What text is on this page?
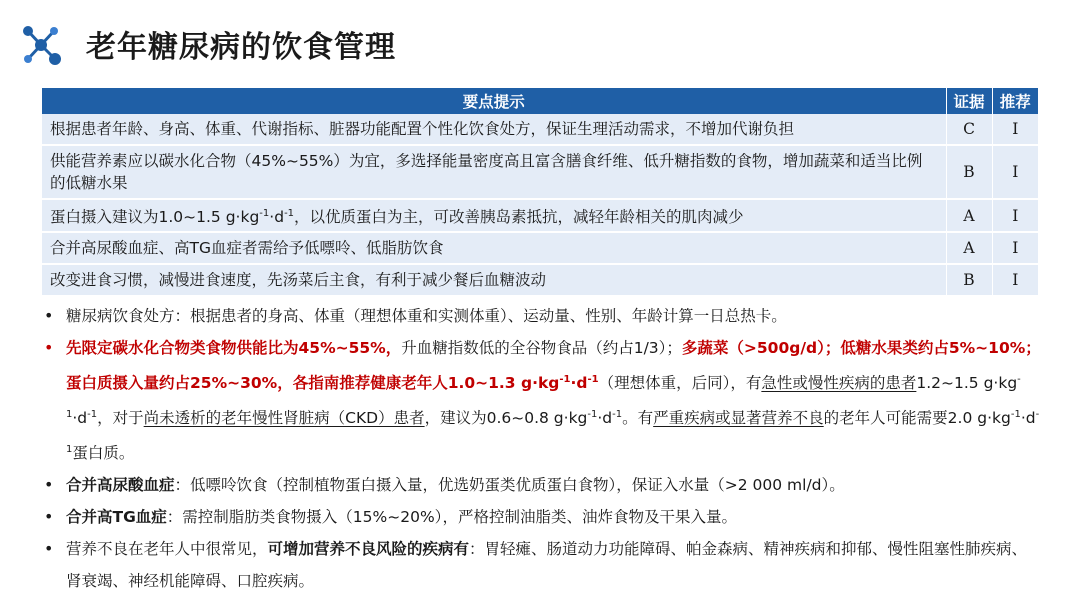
老年糖尿病的饮食管理
要点提示	证据	推荐
根据患者年龄、身高、体重、代谢指标、脏器功能配置个性化饮食处方，保证生理活动需求，不增加代谢负担	C	I
供能营养素应以碳水化合物（45%~55%）为宜，多选择能量密度高且富含膳食纤维、低升糖指数的食物，增加蔬菜和适当比例的低糖水果	B	I
蛋白摄入建议为1.0~1.5 $g\cdot kg^{-1}\cdot d^{-1}$，以优质蛋白为主，可改善胰岛素抵抗，减轻年龄相关的肌肉减少	A	I
合并高尿酸血症、高TG血症者需给予低嘌呤、低脂肪饮食	A	I
改变进食习惯，减慢进食速度，先汤菜后主食，有利于减少餐后血糖波动	B	I
• 糖尿病饮食处方：根据患者的身高、体重（理想体重和实测体重）、运动量、性别、年龄计算一日总热卡。
• 先限定碳水化合物类食物供能比为45%~55%，升血糖指数低的全谷物食品（约占1/3）；多蔬菜（>500g/d）；低糖水果类约占5%~10%；蛋白质摄入量约占25%~30%，各指南推荐健康老年人1.0~1.3 $g\cdot kg^{-1}\cdot d^{-1}$（理想体重，后同），有急性或慢性疾病的患者1.2~1.5 $g\cdot kg^{-1}\cdot d^{-1}$，对于尚未透析的老年慢性肾脏病（CKD）患者，建议为0.6~0.8 $g\cdot kg^{-1}\cdot d^{-1}$。有严重疾病或显著营养不良的老年人可能需要2.0 $g\cdot kg^{-1}\cdot d^{-1}$蛋白质。
• 合并高尿酸血症：低嘌呤饮食（控制植物蛋白摄入量，优选奶蛋类优质蛋白食物），保证入水量（>2 000 ml/d）。
• 合并高TG血症：需控制脂肪类食物摄入（15%~20%），严格控制油脂类、油炸食物及干果入量。
• 营养不良在老年人中很常见，可增加营养不良风险的疾病有：胃轻瘫、肠道动力功能障碍、帕金森病、精神疾病和抑郁、慢性阻塞性肺疾病、肾衰竭、神经机能障碍、口腔疾病。
